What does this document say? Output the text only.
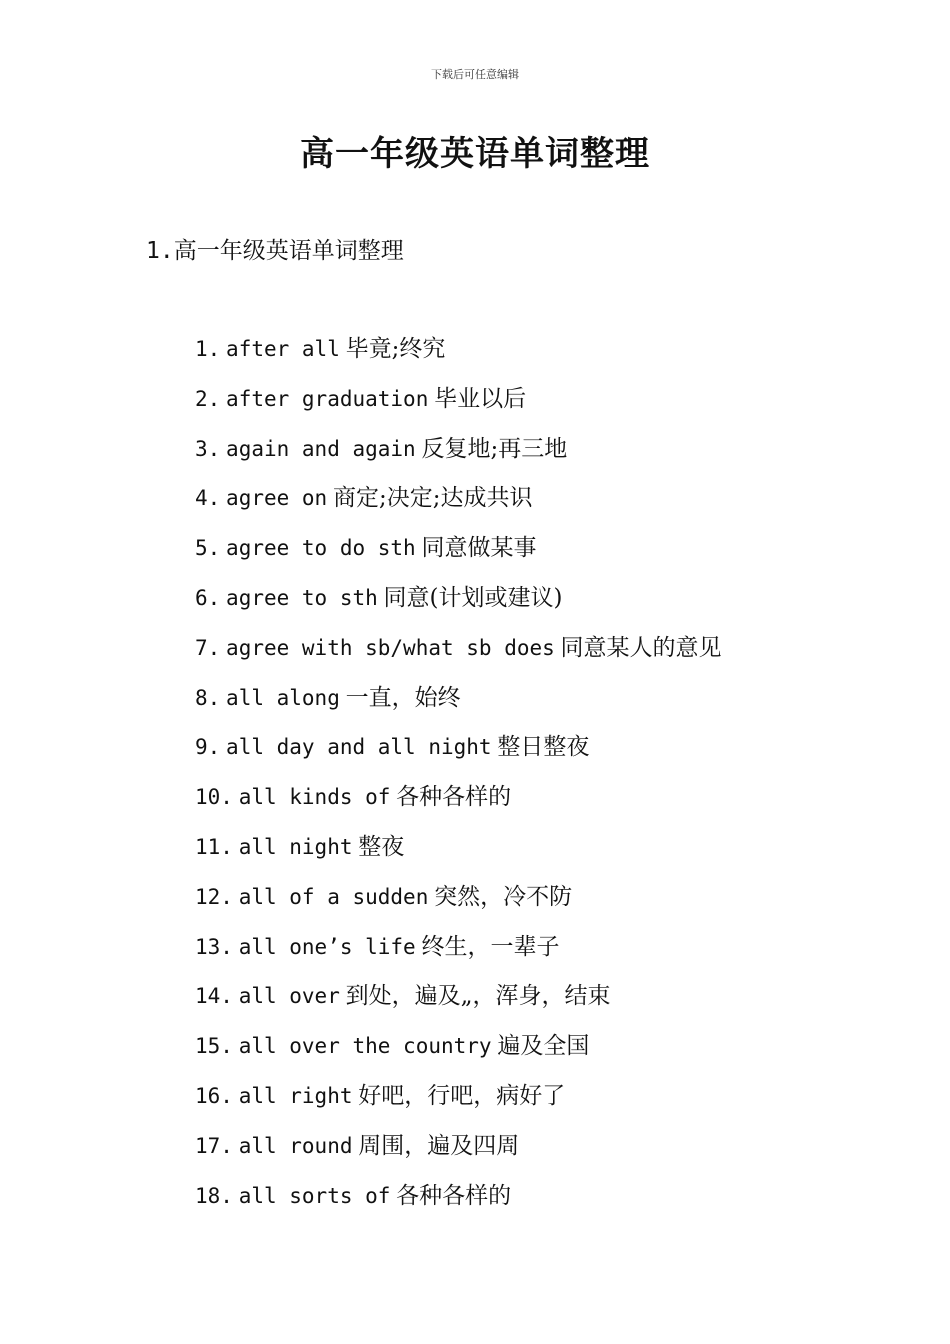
下载后可任意编辑
高一年级英语单词整理
1.高一年级英语单词整理
1. after all 毕竟;终究
2. after graduation 毕业以后
3. again and again 反复地;再三地
4. agree on 商定;决定;达成共识
5. agree to do sth 同意做某事
6. agree to sth 同意(计划或建议)
7. agree with sb/what sb does 同意某人的意见
8. all along 一直，始终
9. all day and all night 整日整夜
10. all kinds of 各种各样的
11. all night 整夜
12. all of a sudden 突然，冷不防
13. all one’s life 终生，一辈子
14. all over 到处，遍及„，浑身，结束
15. all over the country 遍及全国
16. all right 好吧，行吧，病好了
17. all round 周围，遍及四周
18. all sorts of 各种各样的
